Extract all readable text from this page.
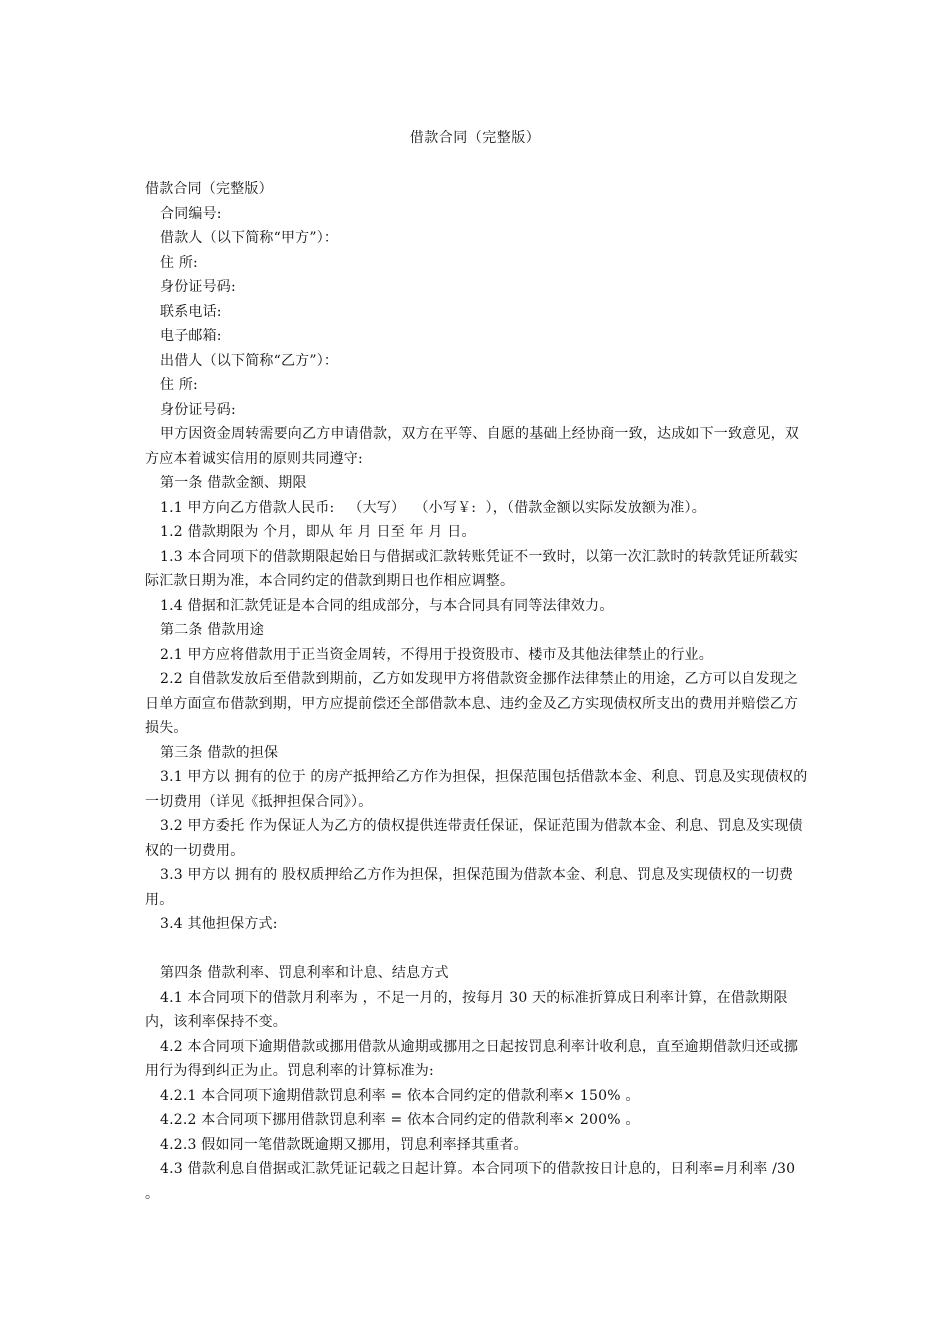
借款合同（完整版）

借款合同（完整版）

合同编号:

借款人（以下简称“甲方”）：

住 所:

身份证号码:

联系电话:

电子邮箱:

出借人（以下简称“乙方”）：

住 所:

身份证号码:

甲方因资金周转需要向乙方申请借款，双方在平等、自愿的基础上经协商一致，达成如下一致意见，双方应本着诚实信用的原则共同遵守:

第一条 借款金额、期限

1.1 甲方向乙方借款人民币:   （大写）  （小写￥:  ），（借款金额以实际发放额为准）。

1.2 借款期限为 个月，即从 年 月 日至 年 月 日。

1.3 本合同项下的借款期限起始日与借据或汇款转账凭证不一致时，以第一次汇款时的转款凭证所载实际汇款日期为准，本合同约定的借款到期日也作相应调整。

1.4 借据和汇款凭证是本合同的组成部分，与本合同具有同等法律效力。

第二条 借款用途

2.1 甲方应将借款用于正当资金周转，不得用于投资股市、楼市及其他法律禁止的行业。

2.2 自借款发放后至借款到期前，乙方如发现甲方将借款资金挪作法律禁止的用途，乙方可以自发现之日单方面宣布借款到期，甲方应提前偿还全部借款本息、违约金及乙方实现债权所支出的费用并赔偿乙方损失。

第三条 借款的担保

3.1 甲方以 拥有的位于 的房产抵押给乙方作为担保，担保范围包括借款本金、利息、罚息及实现债权的一切费用（详见《抵押担保合同》）。

3.2 甲方委托 作为保证人为乙方的债权提供连带责任保证，保证范围为借款本金、利息、罚息及实现债权的一切费用。

3.3 甲方以 拥有的 股权质押给乙方作为担保，担保范围为借款本金、利息、罚息及实现债权的一切费用。

3.4 其他担保方式:

第四条 借款利率、罚息利率和计息、结息方式

4.1 本合同项下的借款月利率为 ，不足一月的，按每月 30 天的标准折算成日利率计算，在借款期限内，该利率保持不变。

4.2 本合同项下逾期借款或挪用借款从逾期或挪用之日起按罚息利率计收利息，直至逾期借款归还或挪用行为得到纠正为止。罚息利率的计算标准为:

4.2.1 本合同项下逾期借款罚息利率 = 依本合同约定的借款利率× 150% 。

4.2.2 本合同项下挪用借款罚息利率 = 依本合同约定的借款利率× 200% 。

4.2.3 假如同一笔借款既逾期又挪用，罚息利率择其重者。

4.3 借款利息自借据或汇款凭证记载之日起计算。本合同项下的借款按日计息的，日利率=月利率 /30 。
